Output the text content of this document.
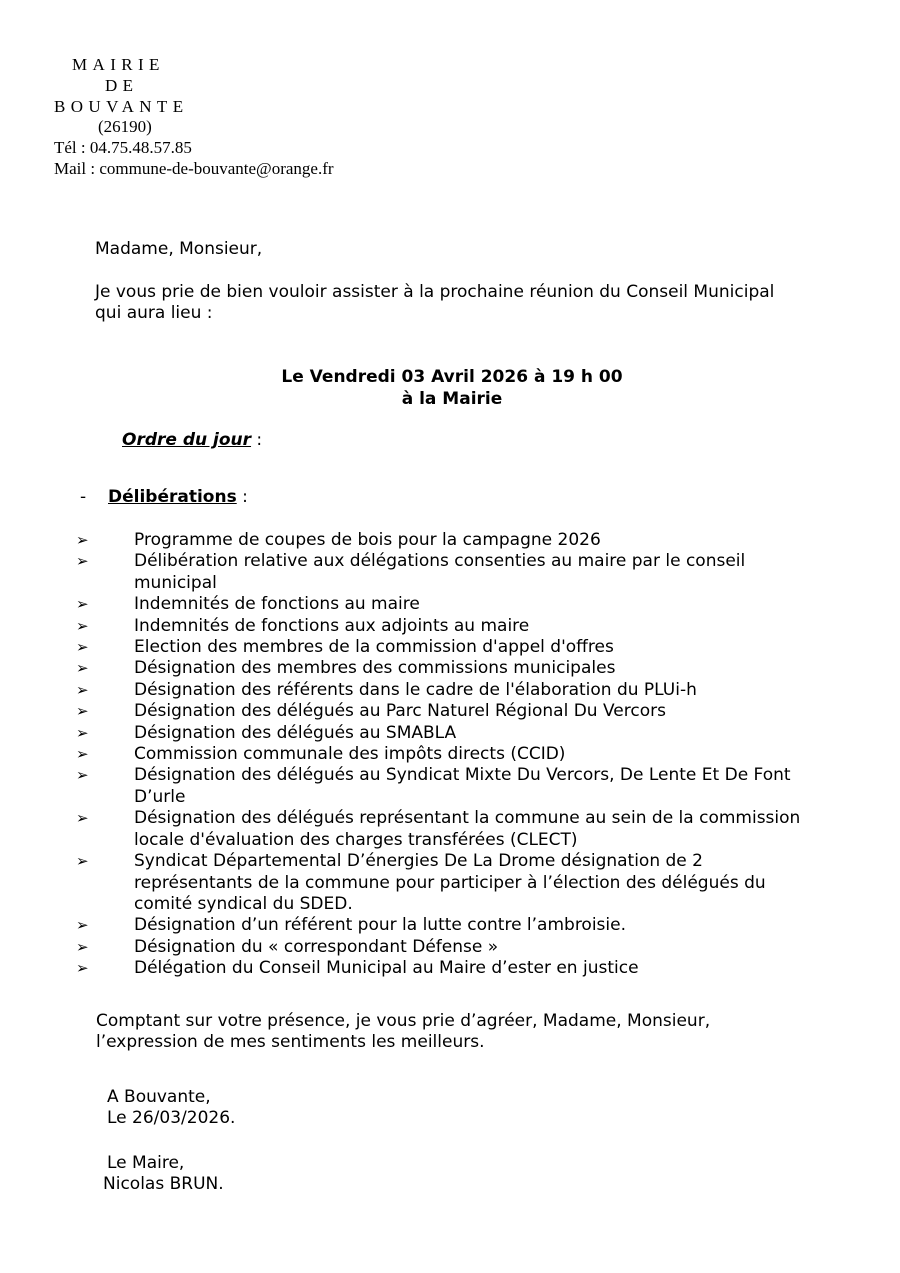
MAIRIE
DE
BOUVANTE
(26190)
Tél : 04.75.48.57.85
Mail : commune-de-bouvante@orange.fr
Madame, Monsieur,
Je vous prie de bien vouloir assister à la prochaine réunion du Conseil Municipal qui aura lieu :
Le Vendredi 03 Avril 2026 à 19 h 00
à la Mairie
Ordre du jour :
- Délibérations :
➢	Programme de coupes de bois pour la campagne 2026
➢	Délibération relative aux délégations consenties au maire par le conseil municipal
➢	Indemnités de fonctions au maire
➢	Indemnités de fonctions aux adjoints au maire
➢	Election des membres de la commission d'appel d'offres
➢	Désignation des membres des commissions municipales
➢	Désignation des référents dans le cadre de l'élaboration du PLUi-h
➢	Désignation des délégués au Parc Naturel Régional Du Vercors
➢	Désignation des délégués au SMABLA
➢	Commission communale des impôts directs (CCID)
➢	Désignation des délégués au Syndicat Mixte Du Vercors, De Lente Et De Font D’urle
➢	Désignation des délégués représentant la commune au sein de la commission locale d'évaluation des charges transférées (CLECT)
➢	Syndicat Départemental D’énergies De La Drome désignation de 2 représentants de la commune pour participer à l’élection des délégués du comité syndical du SDED.
➢	Désignation d’un référent pour la lutte contre l’ambroisie.
➢	Désignation du « correspondant Défense »
➢	Délégation du Conseil Municipal au Maire d’ester en justice
Comptant sur votre présence, je vous prie d’agréer, Madame, Monsieur, l’expression de mes sentiments les meilleurs.
A Bouvante,
Le 26/03/2026.
Le Maire,
Nicolas BRUN.
